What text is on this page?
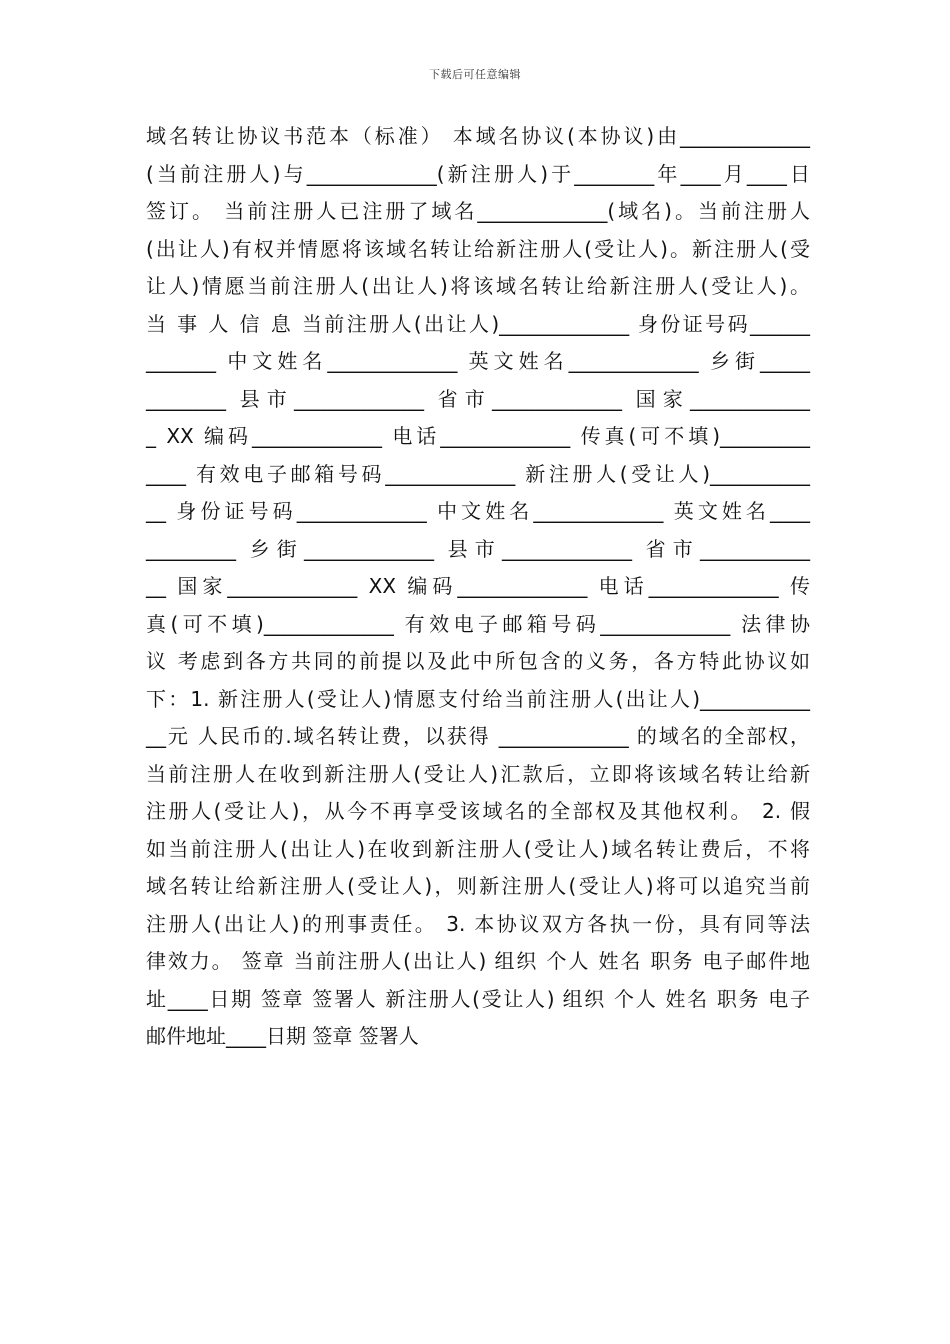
下载后可任意编辑
域名转让协议书范本（标准） 本域名协议(本协议)由_____________
(当前注册人)与_____________(新注册人)于________年____月____日
签订。 当前注册人已注册了域名_____________(域名)。当前注册人
(出让人)有权并情愿将该域名转让给新注册人(受让人)。新注册人(受
让人)情愿当前注册人(出让人)将该域名转让给新注册人(受让人)。
当 事 人 信 息 当前注册人(出让人)_____________ 身份证号码______
_______ 中文姓名_____________ 英文姓名_____________ 乡街_____
________ 县市_____________ 省市_____________ 国家____________
_ XX 编码_____________ 电话_____________ 传真(可不填)_________
____ 有效电子邮箱号码_____________ 新注册人(受让人)__________
__ 身份证号码_____________ 中文姓名_____________ 英文姓名____
_________ 乡街_____________ 县市_____________ 省市___________
__ 国家_____________ XX 编码_____________ 电话_____________ 传
真(可不填)_____________ 有效电子邮箱号码_____________ 法律协
议 考虑到各方共同的前提以及此中所包含的义务，各方特此协议如
下：1. 新注册人(受让人)情愿支付给当前注册人(出让人)___________
__元 人民币的.域名转让费，以获得 _____________ 的域名的全部权，
当前注册人在收到新注册人(受让人)汇款后，立即将该域名转让给新
注册人(受让人)，从今不再享受该域名的全部权及其他权利。 2. 假
如当前注册人(出让人)在收到新注册人(受让人)域名转让费后，不将
域名转让给新注册人(受让人)，则新注册人(受让人)将可以追究当前
注册人(出让人)的刑事责任。 3. 本协议双方各执一份，具有同等法
律效力。 签章 当前注册人(出让人) 组织 个人 姓名 职务 电子邮件地
址____日期 签章 签署人 新注册人(受让人) 组织 个人 姓名 职务 电子
邮件地址____日期 签章 签署人
